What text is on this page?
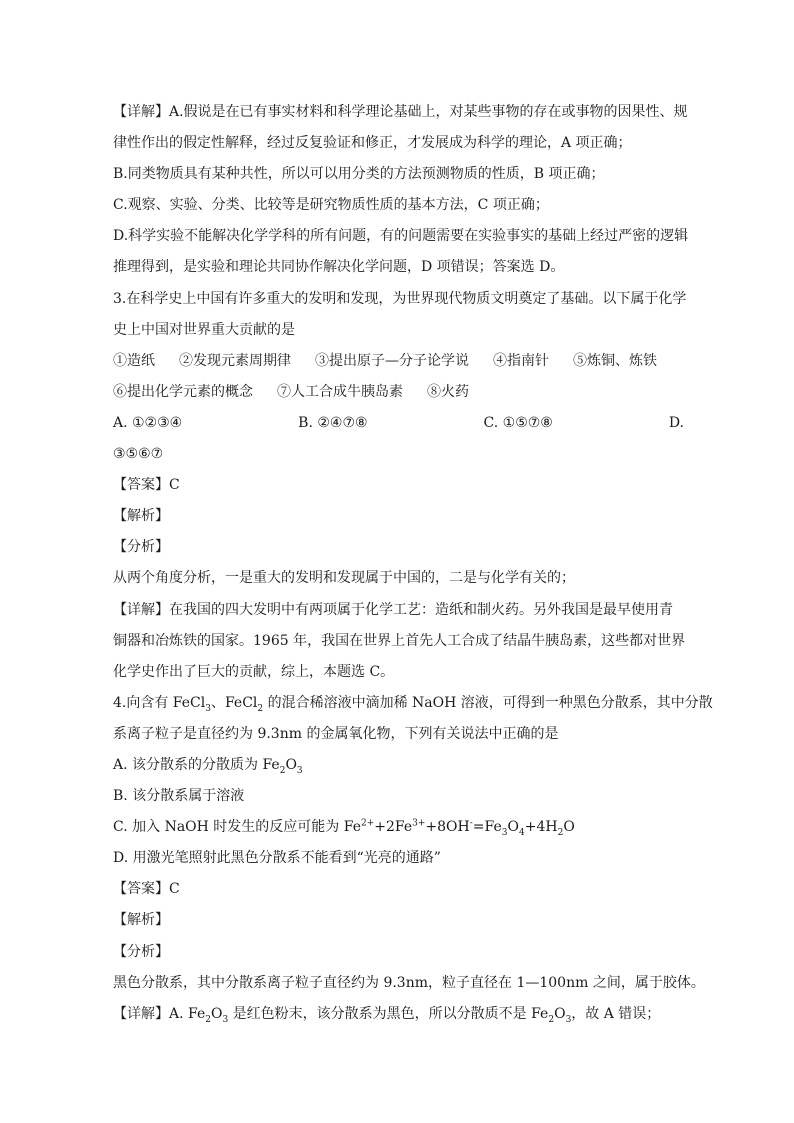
【详解】A.假说是在已有事实材料和科学理论基础上，对某些事物的存在或事物的因果性、规
律性作出的假定性解释，经过反复验证和修正，才发展成为科学的理论，A 项正确；
B.同类物质具有某种共性，所以可以用分类的方法预测物质的性质，B 项正确；
C.观察、实验、分类、比较等是研究物质性质的基本方法，C 项正确；
D.科学实验不能解决化学学科的所有问题，有的问题需要在实验事实的基础上经过严密的逻辑
推理得到，是实验和理论共同协作解决化学问题，D 项错误；答案选 D。
3.在科学史上中国有许多重大的发明和发现，为世界现代物质文明奠定了基础。以下属于化学
史上中国对世界重大贡献的是
①造纸 ②发现元素周期律 ③提出原子—分子论学说 ④指南针 ⑤炼铜、炼铁
⑥提出化学元素的概念 ⑦人工合成牛胰岛素 ⑧火药
A. ①②③④	B. ②④⑦⑧	C. ①⑤⑦⑧	D.
③⑤⑥⑦
【答案】C
【解析】
【分析】
从两个角度分析，一是重大的发明和发现属于中国的，二是与化学有关的；
【详解】在我国的四大发明中有两项属于化学工艺：造纸和制火药。另外我国是最早使用青
铜器和冶炼铁的国家。1965 年，我国在世界上首先人工合成了结晶牛胰岛素，这些都对世界
化学史作出了巨大的贡献，综上，本题选 C。
4.向含有 FeCl$_3$、FeCl$_2$ 的混合稀溶液中滴加稀 NaOH 溶液，可得到一种黑色分散系，其中分散
系离子粒子是直径约为 9.3nm 的金属氧化物，下列有关说法中正确的是
A. 该分散系的分散质为 $Fe_2O_3$
B. 该分散系属于溶液
C. 加入 NaOH 时发生的反应可能为 $Fe^{2+}+2Fe^{3+}+8OH^-=Fe_3O_4+4H_2O$
D. 用激光笔照射此黑色分散系不能看到“光亮的通路”
【答案】C
【解析】
【分析】
黑色分散系，其中分散系离子粒子直径约为 9.3nm，粒子直径在 1—100nm 之间，属于胶体。
【详解】A. $Fe_2O_3$ 是红色粉末，该分散系为黑色，所以分散质不是 $Fe_2O_3$，故 A 错误；
